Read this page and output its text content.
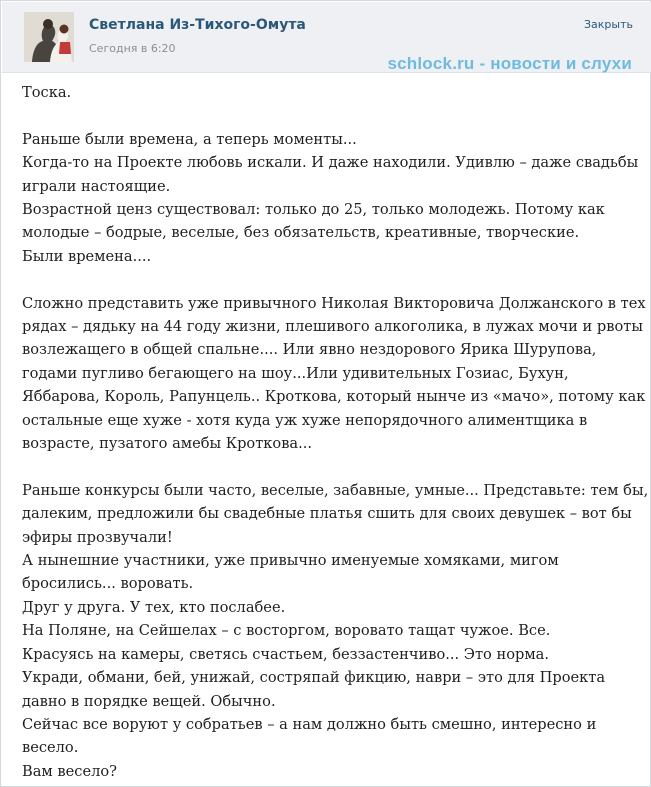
Светлана Из-Тихого-Омута
Сегодня в 6:20
Закрыть
schlock.ru - новости и слухи

Тоска.

Раньше были времена, а теперь моменты...
Когда-то на Проекте любовь искали. И даже находили. Удивлю – даже свадьбы
играли настоящие.
Возрастной ценз существовал: только до 25, только молодежь. Потому как
молодые – бодрые, веселые, без обязательств, креативные, творческие.
Были времена....

Сложно представить уже привычного Николая Викторовича Должанского в тех
рядах – дядьку на 44 году жизни, плешивого алкоголика, в лужах мочи и рвоты
возлежащего в общей спальне.... Или явно нездорового Ярика Шурупова,
годами пугливо бегающего на шоу...Или удивительных Гозиас, Бухун,
Яббарова, Король, Рапунцель.. Кроткова, который нынче из «мачо», потому как
остальные еще хуже - хотя куда уж хуже непорядочного алиментщика в
возрасте, пузатого амебы Кроткова...

Раньше конкурсы были часто, веселые, забавные, умные... Представьте: тем бы,
далеким, предложили бы свадебные платья сшить для своих девушек – вот бы
эфиры прозвучали!
А нынешние участники, уже привычно именуемые хомяками, мигом
бросились... воровать.
Друг у друга. У тех, кто послабее.
На Поляне, на Сейшелах – с восторгом, воровато тащат чужое. Все.
Красуясь на камеры, светясь счастьем, беззастенчиво... Это норма.
Укради, обмани, бей, унижай, состряпай фикцию, наври – это для Проекта
давно в порядке вещей. Обычно.
Сейчас все воруют у собратьев – а нам должно быть смешно, интересно и
весело.
Вам весело?
